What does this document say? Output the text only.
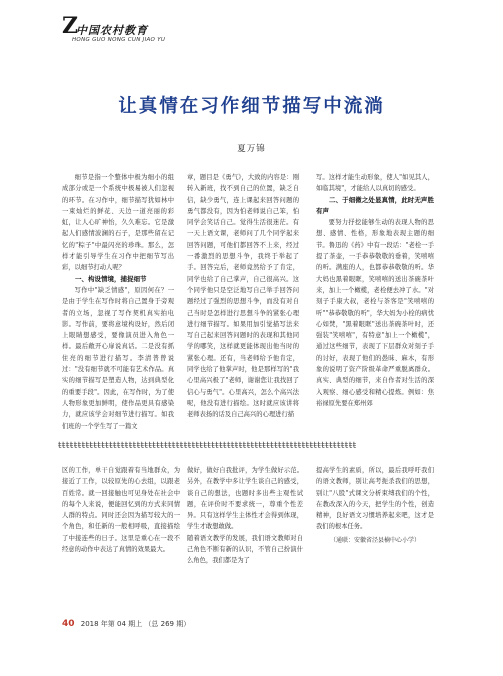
Z
中国农村教育
HONG GUO NONG CUN JIAO YU
让真情在习作细节描写中流淌
夏万锦

细节是指一个整体中极为细小的组成部分或是一个系统中极易被人们忽视的环节。在习作中，细节描写犹如林中一束灿烂的鲜花、天边一道亮丽的彩虹，让人心旷神怡，久久难忘。它是激起人们感情波澜的石子，是那些留在记忆的"粽子"中最闪亮的珍珠。那么，怎样才能引导学生在习作中把细节写出彩，以细节打动人呢？

一、构设情境，捕捉细节

写作中"缺乏情感"，原因何在？一是由于学生在写作时将自己置身于旁观者的立场，忽视了写作契机真实拍电影。写作前，要将意境构设好，然后闭上眼睛想感受，要像演员进入角色一样。最后敞开心扉说真话。二是没有抓住亮的细节进行描写。李清普曾说过："没有细节就不可能有艺术作品。真实的细节描写是塑造人物，达到典型化的重要手段"。因此，在写作时，为了使人物形象更加鲜明，使作品更具有感染力，就应该学会对细节进行描写。如我们班的一个学生写了一篇文

章，题目是《勇气》，大致的内容是：刚转入新班，找不到自己的位置，缺乏自信，缺少勇气，连上课起来回答问题的勇气都没有，因为怕老师说自己笨，怕同学会笑话自己。觉得生活很迷茫。有一天上语文课，老师问了几个同学起来回答问题，可他们都回答不上来，经过一番激烈的思想斗争，我终于举起了手。回答完后，老师竟然给予了肯定，同学也给了自己掌声，自己很高兴。这个同学他只是空泛地写自己举手回答问题经过了强烈的思想斗争，而没有对自己当时是怎样进行思想斗争的紧张心理进行细节描写。如果用加引觉描写法来写自己起来回答问题时的表现和其他同学的哪笑，这样就更能体现出他当时的紧张心理。还有，当老师给予他肯定，同学也给了他掌声时，他是那样写的"我心里高兴极了"老师，谢谢您让我找回了信心与勇气"。心里高兴，怎么个高兴法呢，他没有进行描绘。这时就应该讲将老师表扬的话及自己高兴的心理进行描

写。这样才能生动形象，使人"如见其人，如临其境"，才能给人以真切的感受。

二、于细微之处显真情，此时无声胜有声

要努力抒挖能够生动的表现人物的思想、感情、性格，形象地表现主题的细节。鲁迅的《药》中有一段话："老栓一手提了茶壶，一手恭恭敬敬的垂着，笑嘻嘻的听。满座的人，也都恭恭敬敬的听。华大妈也黑着眼眶，笑嘻嘻的送出茶碗茶叶来，加上一个橄榄，老栓便去冲了水。"对刻子手康大叔，老栓与茶客是"笑嘻嘻的听""恭恭敬敬的听"，华大妈为小栓的病忧心如焚，"黑着眼眶"送出茶碗茶叶时，还强装"笑嘻嘻"，有特意"加上一个橄榄"，通过这些细节，表现了下层群众对刻子手的讨好，表现了他们的愚昧、麻木，有形象的说明了资产阶级革命严重脱离群众。真实、典型的细节，来自作者对生活的深入观察、细心感受和精心提炼。例如：焦裕禄原先要在郑州郊

ŧŧŧŧŧŧŧŧŧŧŧŧŧŧŧŧŧŧŧŧŧŧŧŧŧŧŧŧŧŧŧŧŧŧŧŧŧŧŧŧŧŧŧŧŧŧŧŧŧŧŧŧŧŧŧŧŧŧŧŧŧŧŧŧŧŧŧŧŧŧŧŧŧŧŧŧ

区的工作，单干自觉跟着有当地群众，为接近了工作，以较原先的心去组，以跟老百姓常。就一回接触也可见身处在社会中的每个人来说，便能回忆到的方式来同情人群的特点。同时还会因为描写较大的一个角色，和任新的一般相呼吸，直接描绘了中接连些的日子。这里是重心在一段不经意的动作中表达了真情的效果最大。

做好，做好自我批评，为学生做好示范。另外，在教学中多让学生谈自己的感受，谈自己的想法，也题时多出些主观性试题，在评价时不要求统一，尊重个性差异。只有这样学生主体性才会得到体现，学生才敢想敢做。
随着语文教学的发展，我们语文教师对自己角色不断有新的认识，不管自己扮演什么角色，我们都是为了

提高学生的素质，所以，最后我呼吁我们的语文教师，别让高考扼杀我们的思想，别让"八股"式课文分析束缚我们的个性，在教改深入的今天，把学生的个性，创造精神，良好语文习惯培养起来吧，这才是我们的根本任务。

（通联：安徽省泾县楠中心小学）
40 2018 年第 04 期上 （总 269 期）
